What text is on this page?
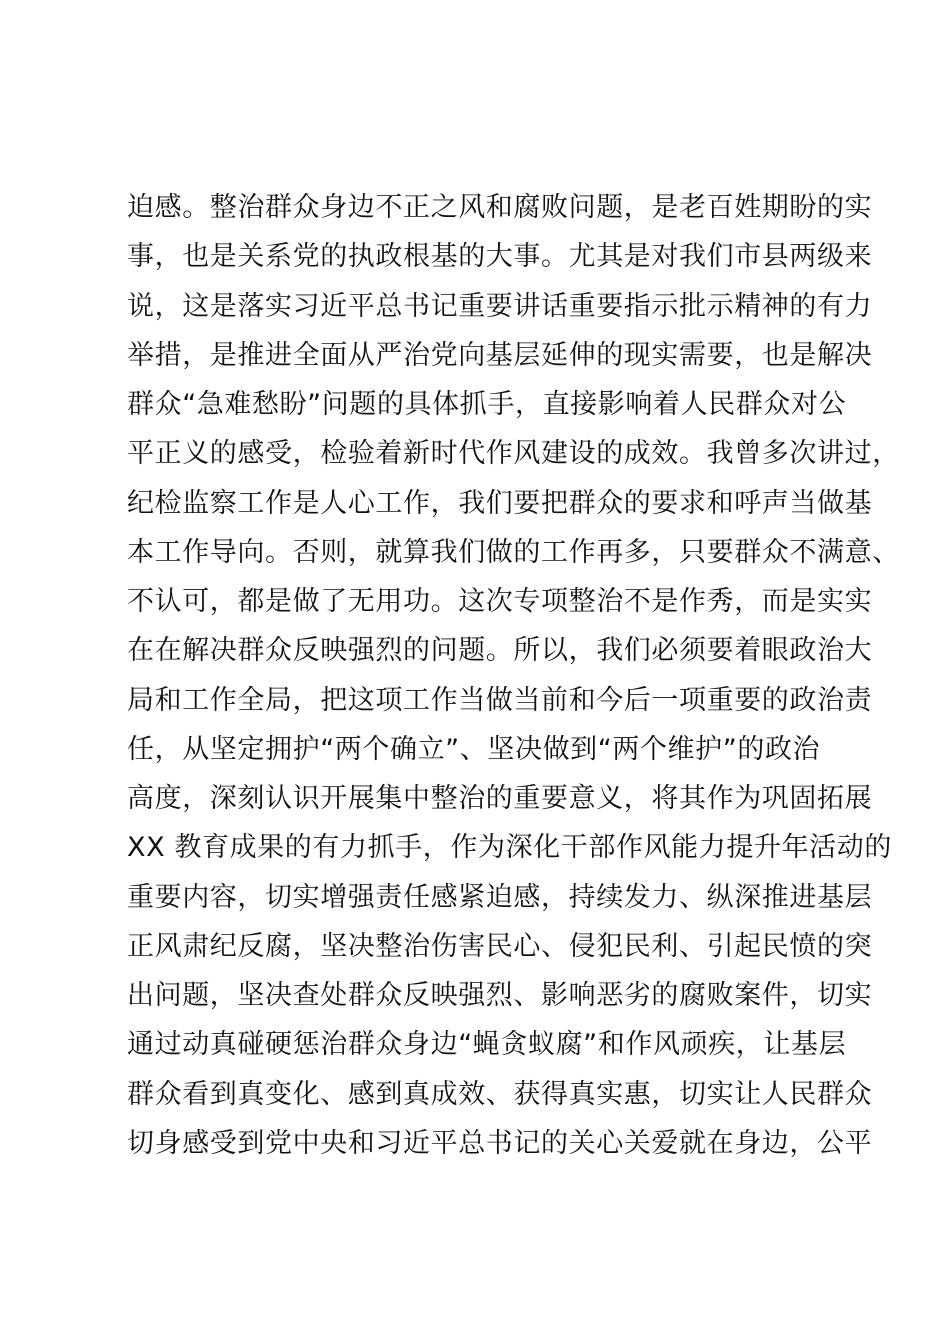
迫感。整治群众身边不正之风和腐败问题，是老百姓期盼的实
事，也是关系党的执政根基的大事。尤其是对我们市县两级来
说，这是落实习近平总书记重要讲话重要指示批示精神的有力
举措，是推进全面从严治党向基层延伸的现实需要，也是解决
群众“急难愁盼”问题的具体抓手，直接影响着人民群众对公
平正义的感受，检验着新时代作风建设的成效。我曾多次讲过，
纪检监察工作是人心工作，我们要把群众的要求和呼声当做基
本工作导向。否则，就算我们做的工作再多，只要群众不满意、
不认可，都是做了无用功。这次专项整治不是作秀，而是实实
在在解决群众反映强烈的问题。所以，我们必须要着眼政治大
局和工作全局，把这项工作当做当前和今后一项重要的政治责
任，从坚定拥护“两个确立”、坚决做到“两个维护”的政治
高度，深刻认识开展集中整治的重要意义，将其作为巩固拓展
XX 教育成果的有力抓手，作为深化干部作风能力提升年活动的
重要内容，切实增强责任感紧迫感，持续发力、纵深推进基层
正风肃纪反腐，坚决整治伤害民心、侵犯民利、引起民愤的突
出问题，坚决查处群众反映强烈、影响恶劣的腐败案件，切实
通过动真碰硬惩治群众身边“蝇贪蚁腐”和作风顽疾，让基层
群众看到真变化、感到真成效、获得真实惠，切实让人民群众
切身感受到党中央和习近平总书记的关心关爱就在身边，公平
